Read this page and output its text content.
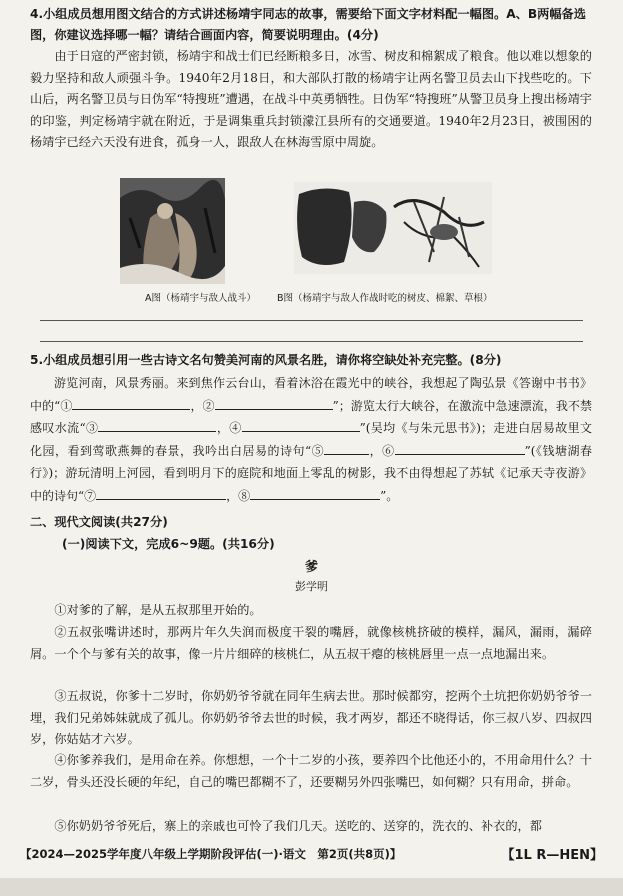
4.小组成员想用图文结合的方式讲述杨靖宇同志的故事，需要给下面文字材料配一幅图。A、B两幅备选图，你建议选择哪一幅？请结合画面内容，简要说明理由。(4分)
由于日寇的严密封锁，杨靖宇和战士们已经断粮多日，冰雪、树皮和棉絮成了粮食。他以难以想象的毅力坚持和敌人顽强斗争。1940年2月18日，和大部队打散的杨靖宇让两名警卫员去山下找些吃的。下山后，两名警卫员与日伪军“特搜班”遭遇，在战斗中英勇牺牲。日伪军“特搜班”从警卫员身上搜出杨靖宇的印鉴，判定杨靖宇就在附近，于是调集重兵封锁濛江县所有的交通要道。1940年2月23日，被围困的杨靖宇已经六天没有进食，孤身一人，跟敌人在林海雪原中周旋。
A图（杨靖宇与敌人战斗） B图（杨靖宇与敌人作战时吃的树皮、棉絮、草根）
5.小组成员想引用一些古诗文名句赞美河南的风景名胜，请你将空缺处补充完整。(8分)
游览河南，风景秀丽。来到焦作云台山，看着沐浴在霞光中的峡谷，我想起了陶弘景《答谢中书书》中的“①	，②	”；游览太行大峡谷，在激流中急速漂流，我不禁感叹水流“③	，④	”(吴均《与朱元思书》)；走进白居易故里文化园，看到莺歌燕舞的春景，我吟出白居易的诗句“⑤	，⑥	”(《钱塘湖春行》)；游玩清明上河园，看到明月下的庭院和地面上零乱的树影，我不由得想起了苏轼《记承天寺夜游》中的诗句“⑦	，⑧	”。
二、现代文阅读(共27分)
(一)阅读下文，完成6~9题。(共16分)
爹
彭学明
①对爹的了解，是从五叔那里开始的。
②五叔张嘴讲述时，那两片年久失润而极度干裂的嘴唇，就像核桃挤破的模样，漏风，漏雨，漏碎屑。一个个与爹有关的故事，像一片片细碎的核桃仁，从五叔干瘪的核桃唇里一点一点地漏出来。
③五叔说，你爹十二岁时，你奶奶爷爷就在同年生病去世。那时候都穷，挖两个土坑把你奶奶爷爷一埋，我们兄弟姊妹就成了孤儿。你奶奶爷爷去世的时候，我才两岁，都还不晓得话，你三叔八岁、四叔四岁，你姑姑才六岁。
④你爹养我们，是用命在养。你想想，一个十二岁的小孩，要养四个比他还小的，不用命用什么？十二岁，骨头还没长硬的年纪，自己的嘴巴都糊不了，还要糊另外四张嘴巴，如何糊？只有用命，拼命。
⑤你奶奶爷爷死后，寨上的亲戚也可怜了我们几天。送吃的、送穿的，洗衣的、补衣的，都
【2024—2025学年度八年级上学期阶段评估(一)·语文　第2页(共8页)】	【1L R—HEN】
